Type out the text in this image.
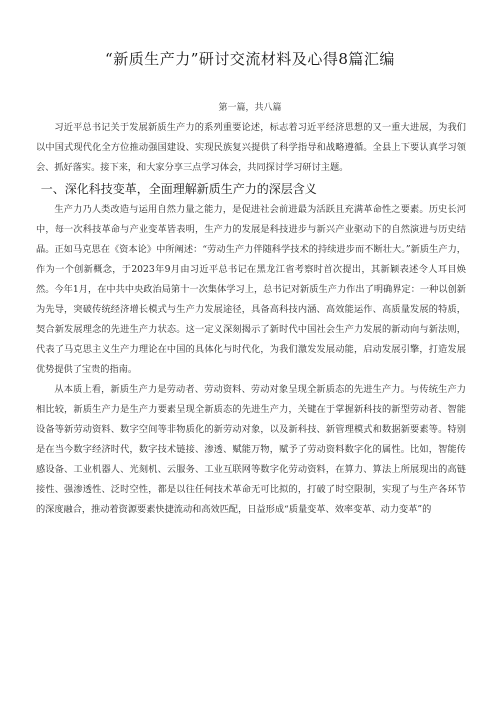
“新质生产力”研讨交流材料及心得8篇汇编
第一篇，共八篇

习近平总书记关于发展新质生产力的系列重要论述，标志着习近平经济思想的又一重大进展，为我们以中国式现代化全方位推动强国建设、实现民族复兴提供了科学指导和战略遵循。全县上下要认真学习领会、抓好落实。接下来，和大家分享三点学习体会，共同探讨学习研讨主题。

一、深化科技变革，全面理解新质生产力的深层含义

生产力乃人类改造与运用自然力量之能力，是促进社会前进最为活跃且充满革命性之要素。历史长河中，每一次科技革命与产业变革皆表明，生产力的发展是科技进步与新兴产业驱动下的自然演进与历史结晶。正如马克思在《资本论》中所阐述：“劳动生产力伴随科学技术的持续进步而不断壮大。”新质生产力，作为一个创新概念，于2023年9月由习近平总书记在黑龙江省考察时首次提出，其新颖表述令人耳目焕然。今年1月，在中共中央政治局第十一次集体学习上，总书记对新质生产力作出了明确界定：一种以创新为先导，突破传统经济增长模式与生产力发展途径，具备高科技内涵、高效能运作、高质量发展的特质，契合新发展理念的先进生产力状态。这一定义深刻揭示了新时代中国社会生产力发展的新动向与新法则，代表了马克思主义生产力理论在中国的具体化与时代化，为我们激发发展动能，启动发展引擎，打造发展优势提供了宝贵的指南。

从本质上看，新质生产力是劳动者、劳动资料、劳动对象呈现全新质态的先进生产力。与传统生产力相比较，新质生产力是生产力要素呈现全新质态的先进生产力，关键在于掌握新科技的新型劳动者、智能设备等新劳动资料、数字空间等非物质化的新劳动对象，以及新科技、新管理模式和数据新要素等。特别是在当今数字经济时代，数字技术链接、渗透、赋能万物，赋予了劳动资料数字化的属性。比如，智能传感设备、工业机器人、光刻机、云服务、工业互联网等数字化劳动资料，在算力、算法上所展现出的高链接性、强渗透性、泛时空性，都是以往任何技术革命无可比拟的，打破了时空限制，实现了与生产各环节的深度融合，推动着资源要素快捷流动和高效匹配，日益形成“质量变革、效率变革、动力变革”的
